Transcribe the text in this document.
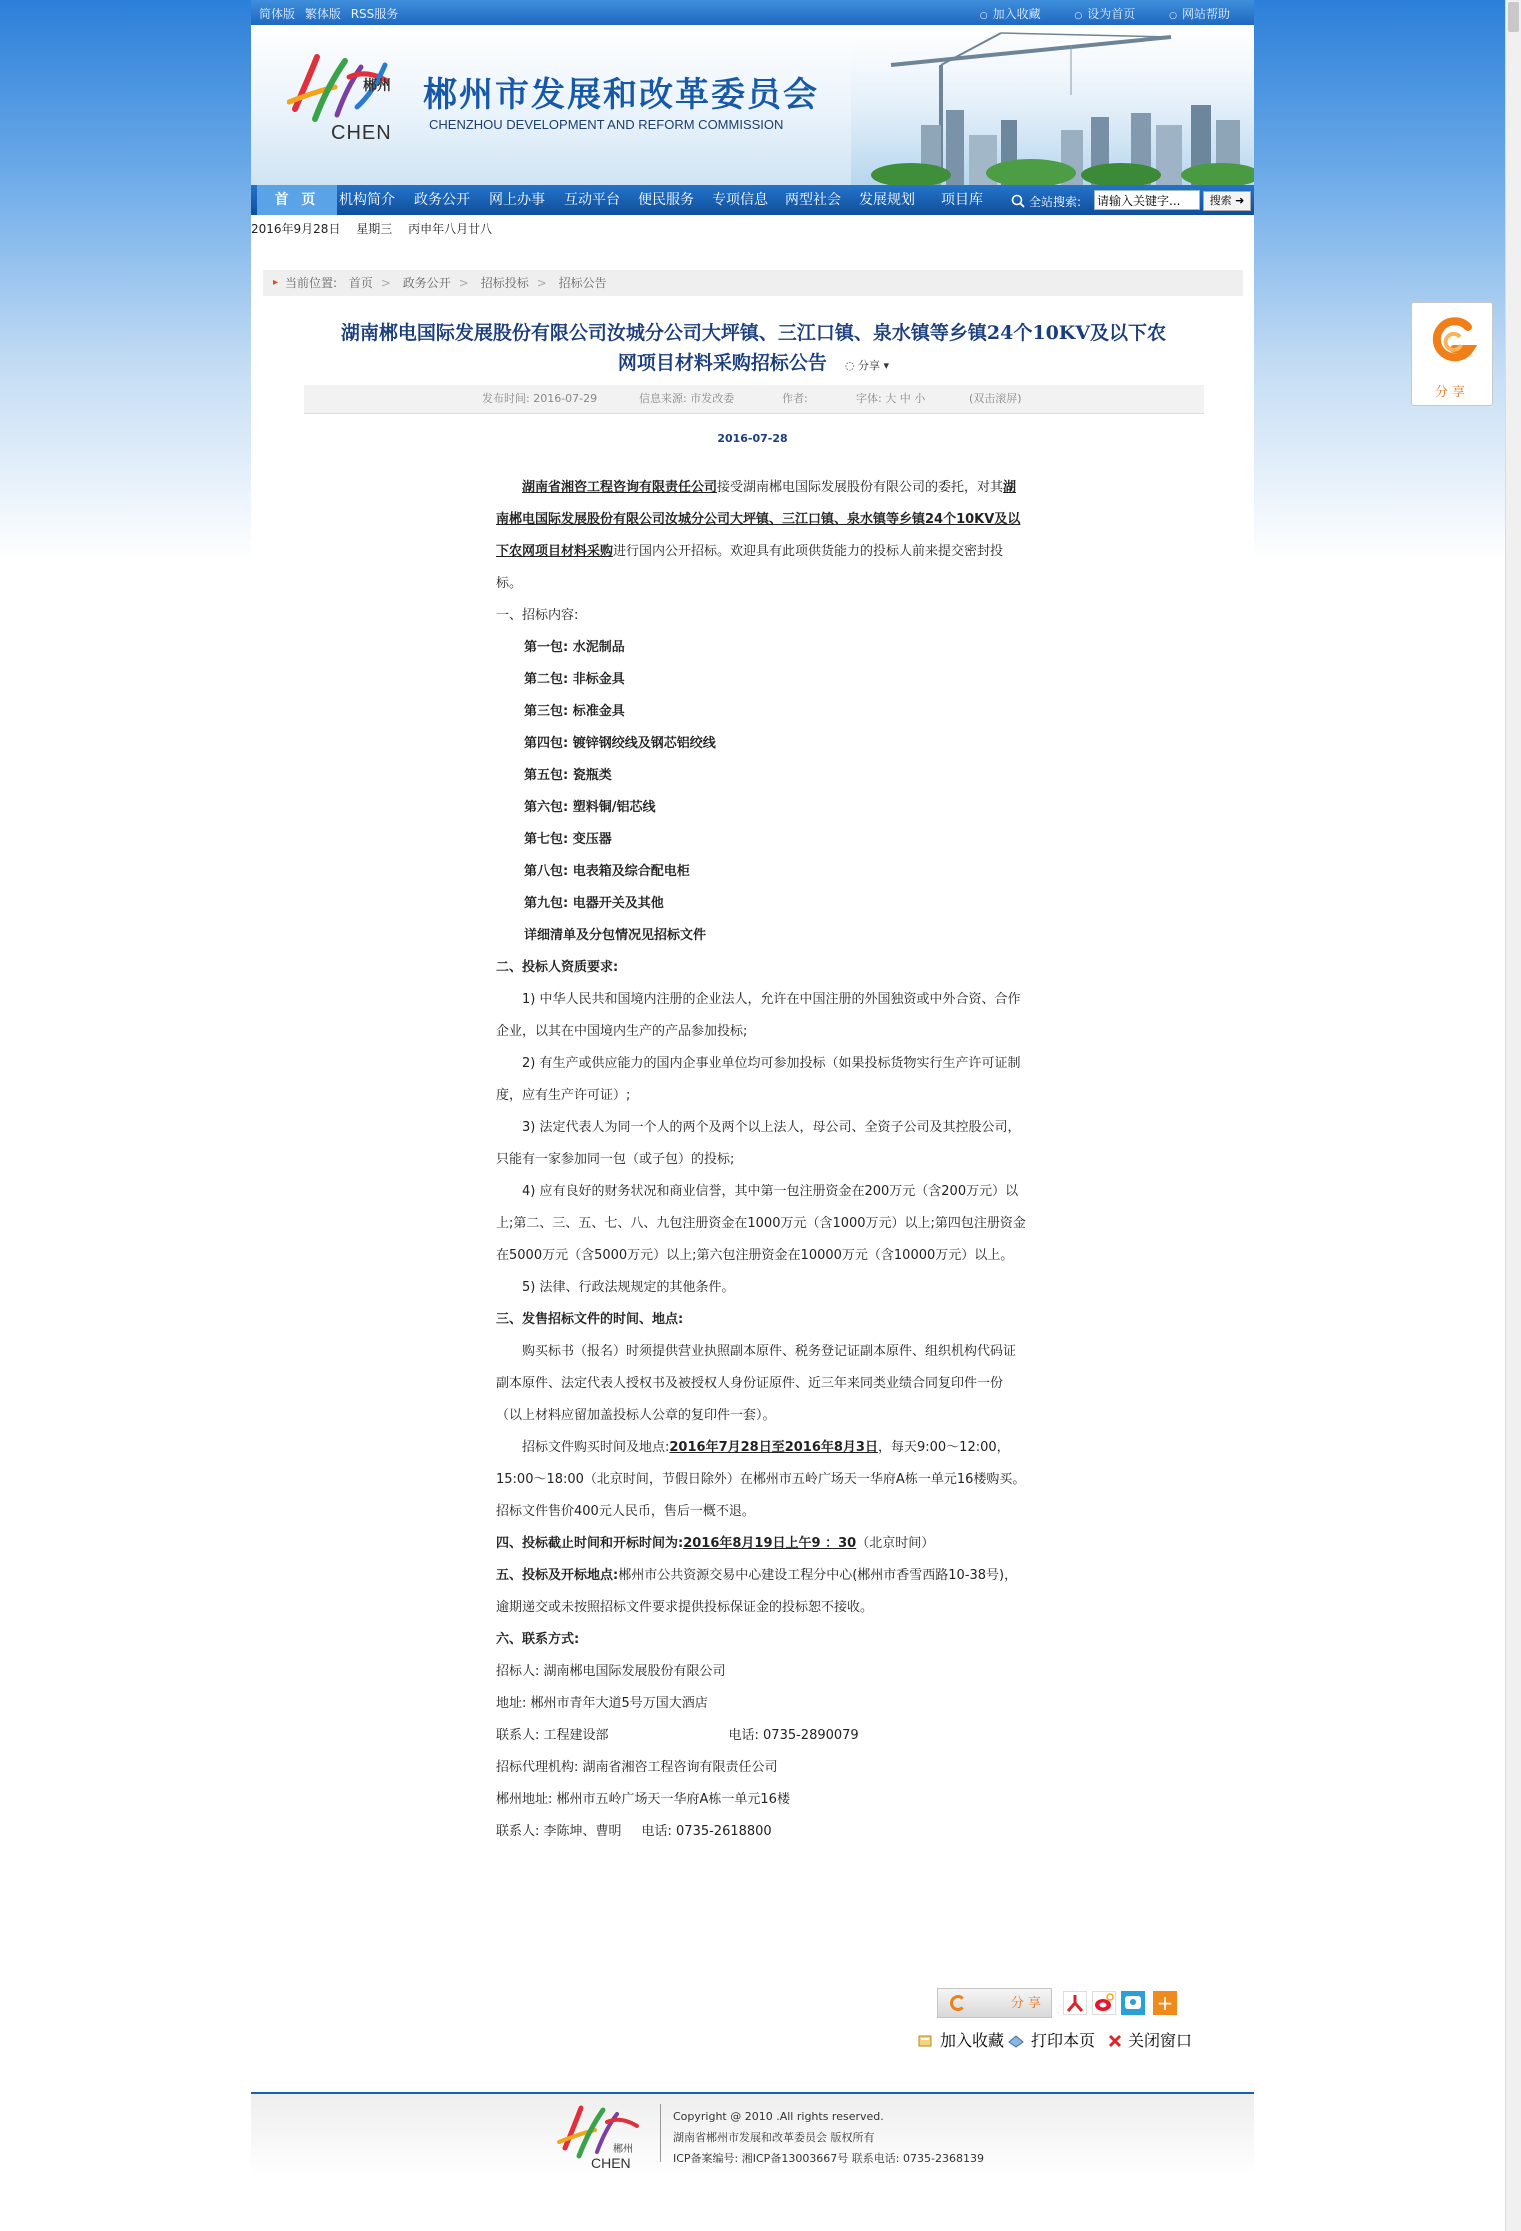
简体版 繁体版 RSS服务	○ 加入收藏	○ 设为首页	○ 网站帮助
郴州
CHEN
郴州市发展和改革委员会
CHENZHOU DEVELOPMENT AND REFORM COMMISSION
首 页	机构简介 政务公开 网上办事 互动平台 便民服务 专项信息 两型社会 发展规划 项目库	全站搜索:
请输入关键字...	搜索 ➜
2016年9月28日 星期三 丙申年八月廿八
▸ 当前位置: 首页 > 政务公开 > 招标投标 > 招标公告
湖南郴电国际发展股份有限公司汝城分公司大坪镇、三江口镇、泉水镇等乡镇24个10KV及以下农
网项目材料采购招标公告 ◌ 分享 ▾
发布时间: 2016-07-29	信息来源: 市发改委	作者:	字体: 大 中 小	(双击滚屏)
2016-07-28

湖南省湘咨工程咨询有限责任公司接受湖南郴电国际发展股份有限公司的委托，对其湖南郴电国际发展股份有限公司汝城分公司大坪镇、三江口镇、泉水镇等乡镇24个10KV及以下农网项目材料采购进行国内公开招标。欢迎具有此项供货能力的投标人前来提交密封投标。

一、招标内容:

第一包: 水泥制品

第二包: 非标金具

第三包: 标准金具

第四包: 镀锌钢绞线及钢芯铝绞线

第五包: 瓷瓶类

第六包: 塑料铜/铝芯线

第七包: 变压器

第八包: 电表箱及综合配电柜

第九包: 电器开关及其他

详细清单及分包情况见招标文件

二、投标人资质要求:

1) 中华人民共和国境内注册的企业法人，允许在中国注册的外国独资或中外合资、合作企业，以其在中国境内生产的产品参加投标;

2) 有生产或供应能力的国内企事业单位均可参加投标（如果投标货物实行生产许可证制度，应有生产许可证）;

3) 法定代表人为同一个人的两个及两个以上法人，母公司、全资子公司及其控股公司，只能有一家参加同一包（或子包）的投标;

4) 应有良好的财务状况和商业信誉，其中第一包注册资金在200万元（含200万元）以上;第二、三、五、七、八、九包注册资金在1000万元（含1000万元）以上;第四包注册资金在5000万元（含5000万元）以上;第六包注册资金在10000万元（含10000万元）以上。

5) 法律、行政法规规定的其他条件。

三、发售招标文件的时间、地点:

购买标书（报名）时须提供营业执照副本原件、税务登记证副本原件、组织机构代码证副本原件、法定代表人授权书及被授权人身份证原件、近三年来同类业绩合同复印件一份（以上材料应留加盖投标人公章的复印件一套）。

招标文件购买时间及地点:2016年7月28日至2016年8月3日，每天9:00～12:00，15:00～18:00（北京时间，节假日除外）在郴州市五岭广场天一华府A栋一单元16楼购买。招标文件售价400元人民币，售后一概不退。

四、投标截止时间和开标时间为:2016年8月19日上午9 ：30（北京时间）

五、投标及开标地点:郴州市公共资源交易中心建设工程分中心(郴州市香雪西路10-38号)，逾期递交或未按照招标文件要求提供投标保证金的投标恕不接收。

六、联系方式:

招标人: 湖南郴电国际发展股份有限公司

地址: 郴州市青年大道5号万国大酒店

联系人: 工程建设部	电话: 0735-2890079

招标代理机构: 湖南省湘咨工程咨询有限责任公司

郴州地址: 郴州市五岭广场天一华府A栋一单元16楼

联系人: 李陈坤、曹明 电话: 0735-2618800

分 享	+
加入收藏	打印本页	关闭窗口
郴州
CHEN
Copyright @ 2010 .All rights reserved.
湖南省郴州市发展和改革委员会 版权所有
ICP备案编号: 湘ICP备13003667号 联系电话: 0735-2368139
分享
